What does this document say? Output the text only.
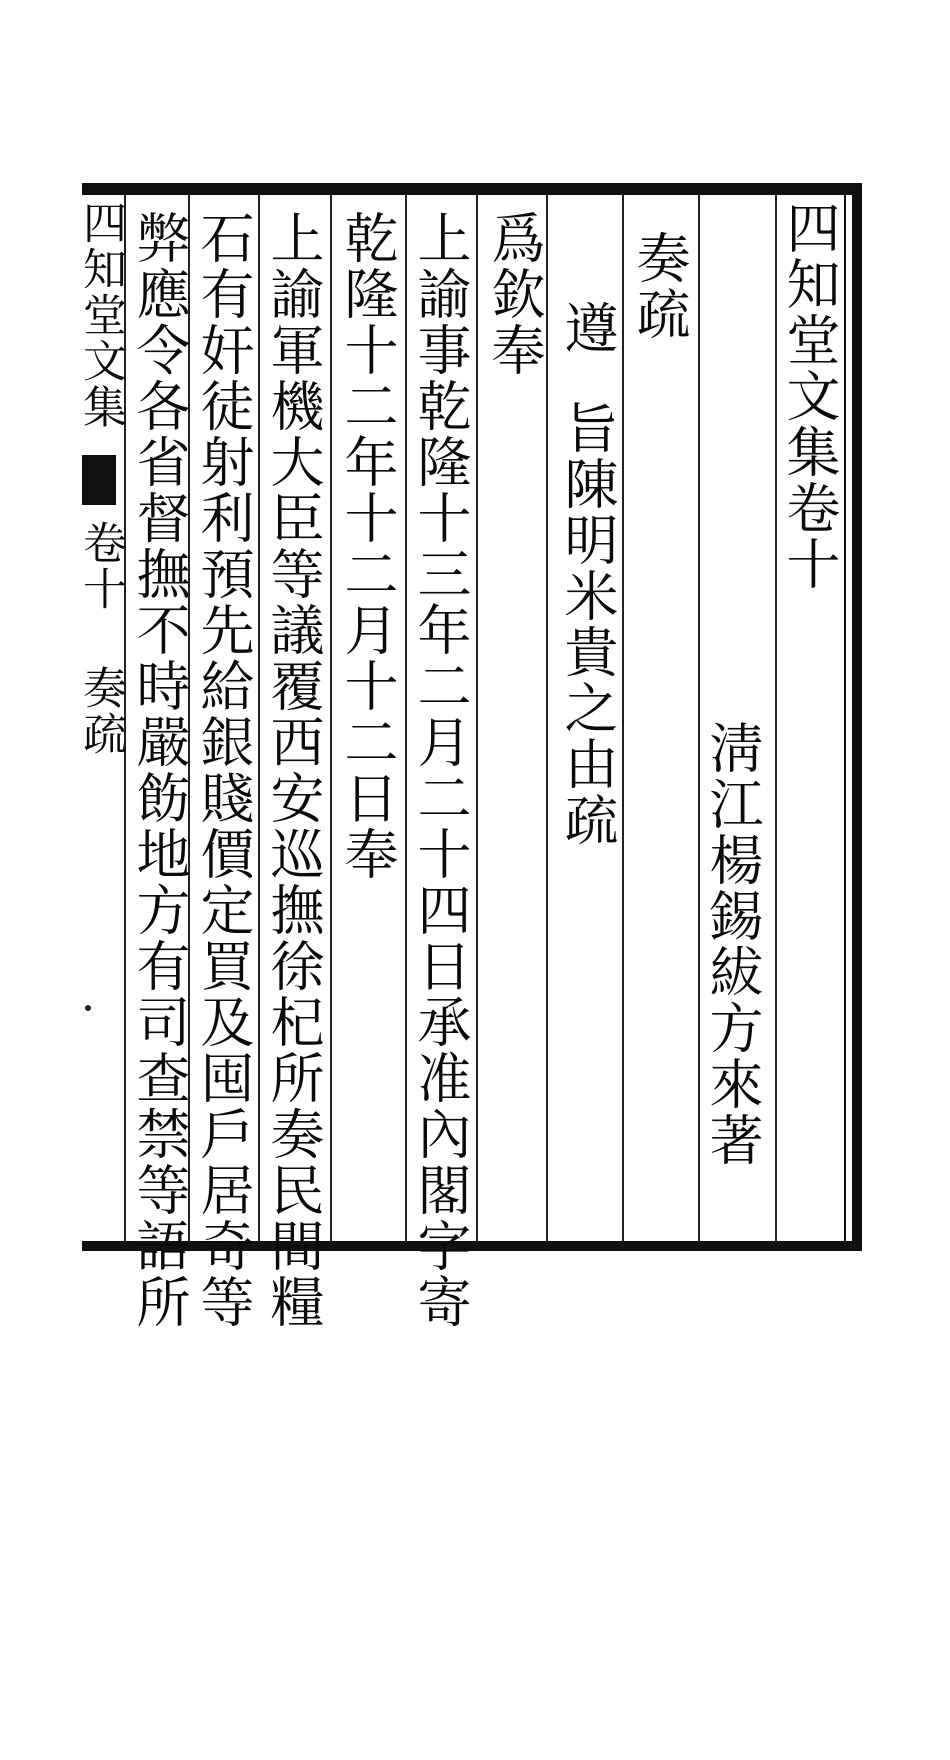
四知堂文集
卷十 奏疏
四知堂文集卷十
淸江楊錫紱方來著
奏疏
遵
旨陳明米貴之由疏
爲欽奉
上諭事乾隆十三年二月二十四日承准內閣字寄
乾隆十二年十二月十二日奉
上諭軍機大臣等議覆西安巡撫徐杞所奏民間糧
石有奸徒射利預先給銀賤價定買及囤戶居奇等
弊應令各省督撫不時嚴飭地方有司查禁等語所
